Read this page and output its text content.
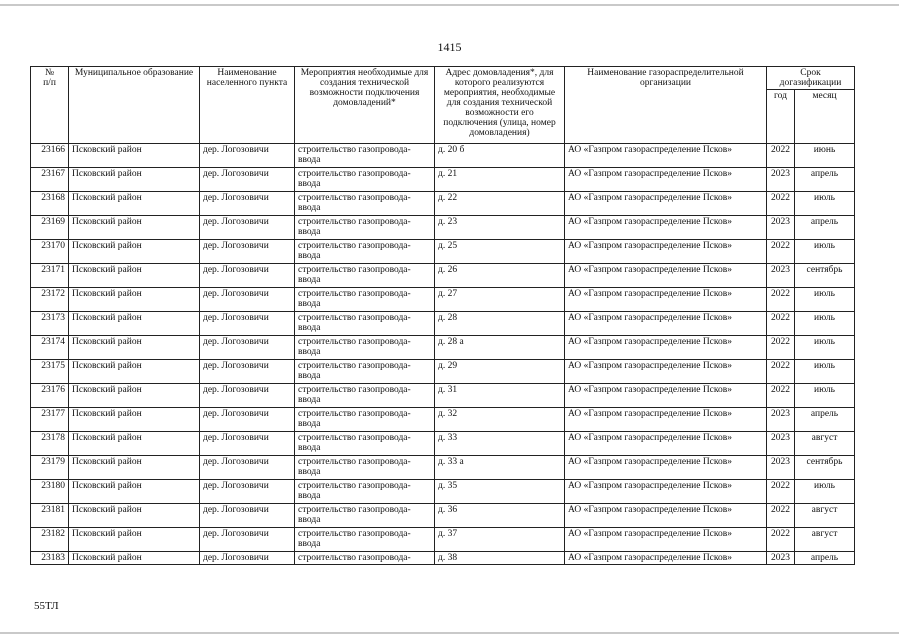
1415
№
п/п	Муниципальное образование	Наименование населенного пункта	Мероприятия необходимые для создания технической возможности подключения домовладений*	Адрес домовладения*, для которого реализуются мероприятия, необходимые для создания технической возможности его подключения (улица, номер домовладения)	Наименование газораспределительной организации	Срок догазификации	
						год	месяц
23166	Псковский район	дер. Логозовичи	строительство газопровода-ввода	д. 20 б	АО «Газпром газораспределение Псков»	2022	июнь
23167	Псковский район	дер. Логозовичи	строительство газопровода-ввода	д. 21	АО «Газпром газораспределение Псков»	2023	апрель
23168	Псковский район	дер. Логозовичи	строительство газопровода-ввода	д. 22	АО «Газпром газораспределение Псков»	2022	июль
23169	Псковский район	дер. Логозовичи	строительство газопровода-ввода	д. 23	АО «Газпром газораспределение Псков»	2023	апрель
23170	Псковский район	дер. Логозовичи	строительство газопровода-ввода	д. 25	АО «Газпром газораспределение Псков»	2022	июль
23171	Псковский район	дер. Логозовичи	строительство газопровода-ввода	д. 26	АО «Газпром газораспределение Псков»	2023	сентябрь
23172	Псковский район	дер. Логозовичи	строительство газопровода-ввода	д. 27	АО «Газпром газораспределение Псков»	2022	июль
23173	Псковский район	дер. Логозовичи	строительство газопровода-ввода	д. 28	АО «Газпром газораспределение Псков»	2022	июль
23174	Псковский район	дер. Логозовичи	строительство газопровода-ввода	д. 28 а	АО «Газпром газораспределение Псков»	2022	июль
23175	Псковский район	дер. Логозовичи	строительство газопровода-ввода	д. 29	АО «Газпром газораспределение Псков»	2022	июль
23176	Псковский район	дер. Логозовичи	строительство газопровода-ввода	д. 31	АО «Газпром газораспределение Псков»	2022	июль
23177	Псковский район	дер. Логозовичи	строительство газопровода-ввода	д. 32	АО «Газпром газораспределение Псков»	2023	апрель
23178	Псковский район	дер. Логозовичи	строительство газопровода-ввода	д. 33	АО «Газпром газораспределение Псков»	2023	август
23179	Псковский район	дер. Логозовичи	строительство газопровода-ввода	д. 33 а	АО «Газпром газораспределение Псков»	2023	сентябрь
23180	Псковский район	дер. Логозовичи	строительство газопровода-ввода	д. 35	АО «Газпром газораспределение Псков»	2022	июль
23181	Псковский район	дер. Логозовичи	строительство газопровода-ввода	д. 36	АО «Газпром газораспределение Псков»	2022	август
23182	Псковский район	дер. Логозовичи	строительство газопровода-ввода	д. 37	АО «Газпром газораспределение Псков»	2022	август
23183	Псковский район	дер. Логозовичи	строительство газопровода-	д. 38	АО «Газпром газораспределение Псков»	2023	апрель
55ТЛ
